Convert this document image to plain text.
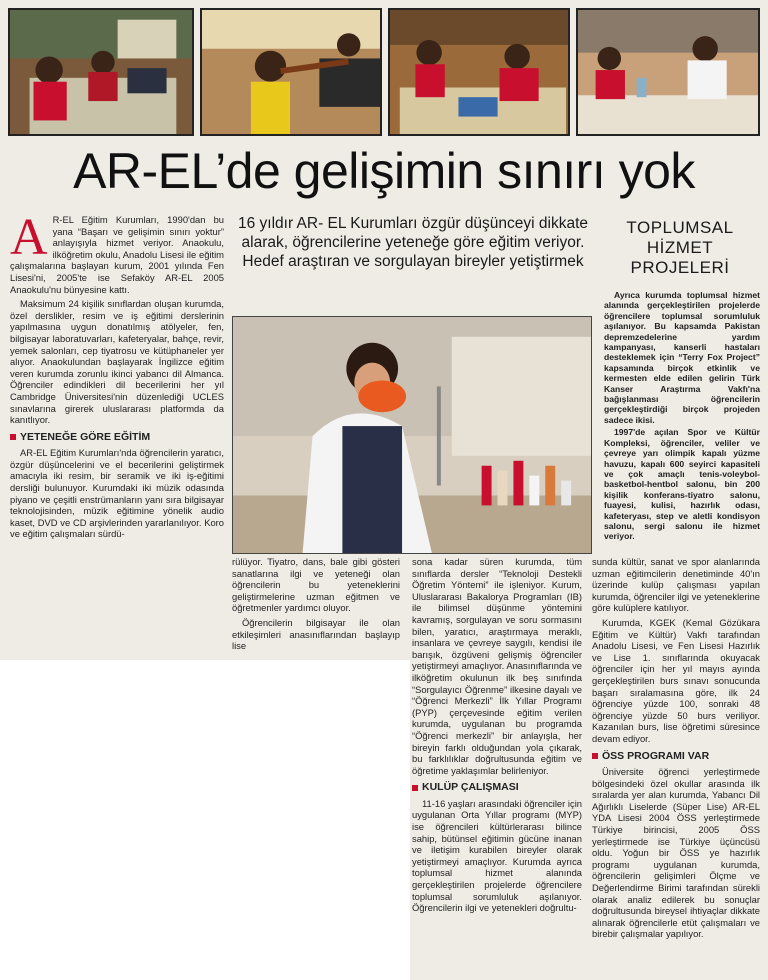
AR-EL’de gelişimin sınırı yok
A R-EL Eğitim Kurumları, 1990'dan bu yana “Başarı ve gelişimin sınırı yoktur” anlayışıyla hizmet veriyor. Anaokulu, ilköğretim okulu, Anadolu Lisesi ile eğitim çalışmalarına başlayan kurum, 2001 yılında Fen Lisesi'ni, 2005'te ise Sefaköy AR-EL 2005 Anaokulu'nu bünyesine kattı.

Maksimum 24 kişilik sınıflardan oluşan kurumda, özel derslikler, resim ve iş eğitimi derslerinin yapılmasına uygun donatılmış atölyeler, fen, bilgisayar laboratuvarları, kafeteryalar, bahçe, revir, yemek salonları, cep tiyatrosu ve kütüphaneler yer alıyor. Anaokulundan başlayarak İngilizce eğitim veren kurumda zorunlu ikinci yabancı dil Almanca. Öğrenciler edindikleri dil becerilerini her yıl Cambridge Üniversitesi'nin düzenlediği UCLES sınavlarına girerek uluslararası platformda da kanıtlıyor.

YETENEĞE GÖRE EĞİTİM

AR-EL Eğitim Kurumları'nda öğrencilerin yaratıcı, özgür düşüncelerini ve el becerilerini geliştirmek amacıyla iki resim, bir seramik ve iki iş-eğitimi dersliği bulunuyor. Kurumdaki iki müzik odasında piyano ve çeşitli enstrümanların yanı sıra bilgisayar teknolojisinden, müzik eğitimine yönelik audio kaset, DVD ve CD arşivlerinden yararlanılıyor. Koro ve eğitim çalışmaları sürdü-

16 yıldır AR- EL Kurumları özgür düşünceyi dikkate alarak, öğrencilerine yeteneğe göre eğitim veriyor. Hedef araştıran ve sorgulayan bireyler yetiştirmek

rülüyor. Tiyatro, dans, bale gibi gösteri sanatlarına ilgi ve yeteneği olan öğrencilerin bu yeteneklerini geliştirmelerine uzman eğitmen ve öğretmenler yardımcı oluyor.

Öğrencilerin bilgisayar ile olan etkileşimleri anasınıflarından başlayıp lise

sona kadar süren kurumda, tüm sınıflarda dersler “Teknoloji Destekli Öğretim Yöntemi” ile işleniyor. Kurum, Uluslararası Bakalorya Programları (IB) ile bilimsel düşünme yöntemini kavramış, sorgulayan ve soru sormasını bilen, yaratıcı, araştırmaya meraklı, insanlara ve çevreye saygılı, kendisi ile barışık, özgüveni gelişmiş öğrenciler yetiştirmeyi amaçlıyor. Anasınıflarında ve ilköğretim okulunun ilk beş sınıfında “Sorgulayıcı Öğrenme” ilkesine dayalı ve “Öğrenci Merkezli” İlk Yıllar Programı (PYP) çerçevesinde eğitim verilen kurumda, uygulanan bu programda “Öğrenci merkezli” bir anlayışla, her bireyin farklı olduğundan yola çıkarak, bu farklılıklar doğrultusunda eğitim ve öğretime yaklaşımlar belirleniyor.

KULÜP ÇALIŞMASI

11-16 yaşları arasındaki öğrenciler için uygulanan Orta Yıllar programı (MYP) ise öğrencileri kültürlerarası bilince sahip, bütünsel eğitimin gücüne inanan ve iletişim kurabilen bireyler olarak yetiştirmeyi amaçlıyor. Kurumda ayrıca toplumsal hizmet alanında gerçekleştirilen projelerde öğrencilere toplumsal sorumluluk aşılanıyor. Öğrencilerin ilgi ve yetenekleri doğrultu-

TOPLUMSAL HİZMET PROJELERİ

Ayrıca kurumda toplumsal hizmet alanında gerçekleştirilen projelerde öğrencilere toplumsal sorumluluk aşılanıyor. Bu kapsamda Pakistan depremzedelerine yardım kampanyası, kanserli hastaları desteklemek için “Terry Fox Project” kapsamında birçok etkinlik ve kermesten elde edilen gelirin Türk Kanser Araştırma Vakfı'na bağışlanması öğrencilerin gerçekleştirdiği birçok projeden sadece ikisi.

1997'de açılan Spor ve Kültür Kompleksi, öğrenciler, veliler ve çevreye yarı olimpik kapalı yüzme havuzu, kapalı 600 seyirci kapasiteli ve çok amaçlı tenis-voleybol-basketbol-hentbol salonu, bin 200 kişilik konferans-tiyatro salonu, fuayesi, kulisi, hazırlık odası, kafeteryası, step ve aletli kondisyon salonu, sergi salonu ile hizmet veriyor.

sunda kültür, sanat ve spor alanlarında uzman eğitimcilerin denetiminde 40'ın üzerinde kulüp çalışması yapılan kurumda, öğrenciler ilgi ve yeteneklerine göre kulüplere katılıyor.

Kurumda, KGEK (Kemal Gözükara Eğitim ve Kültür) Vakfı tarafından Anadolu Lisesi, ve Fen Lisesi Hazırlık ve Lise 1. sınıflarında okuyacak öğrenciler için her yıl mayıs ayında gerçekleştirilen burs sınavı sonucunda başarı sıralamasına göre, ilk 24 öğrenciye yüzde 100, sonraki 48 öğrenciye yüzde 50 burs veriliyor. Kazanılan burs, lise öğretimi süresince devam ediyor.

ÖSS PROGRAMI VAR

Üniversite öğrenci yerleştirmede bölgesindeki özel okullar arasında ilk sıralarda yer alan kurumda, Yabancı Dil Ağırlıklı Liselerde (Süper Lise) AR-EL YDA Lisesi 2004 ÖSS yerleştirmede Türkiye birincisi, 2005 ÖSS yerleştirmede ise Türkiye üçüncüsü oldu. Yoğun bir ÖSS ye hazırlık programı uygulanan kurumda, öğrencilerin gelişimleri Ölçme ve Değerlendirme Birimi tarafından sürekli olarak analiz edilerek bu sonuçlar doğrultusunda bireysel ihtiyaçlar dikkate alınarak öğrencilerle etüt çalışmaları ve birebir çalışmalar yapılıyor.
